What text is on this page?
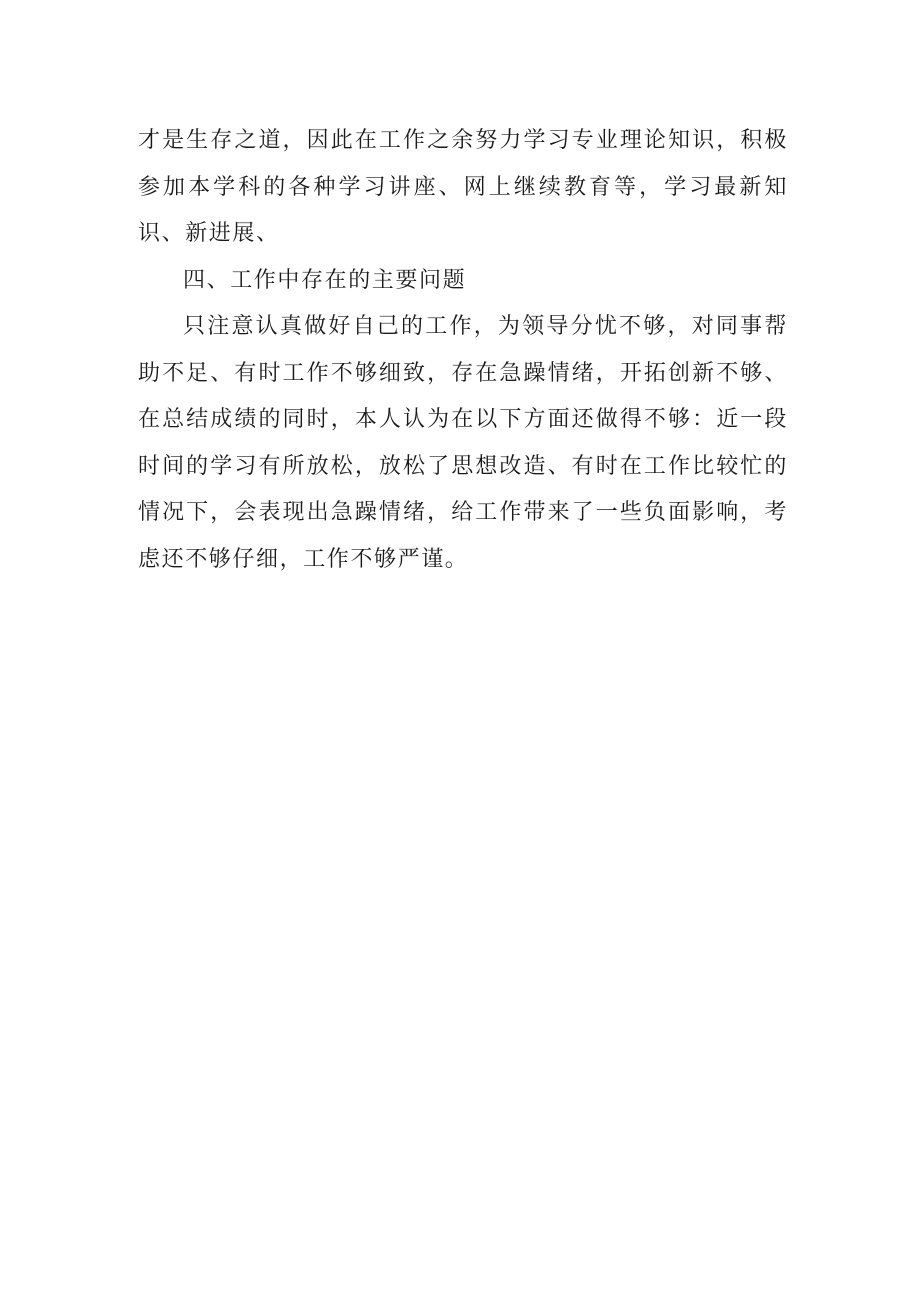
才是生存之道，因此在工作之余努力学习专业理论知识，积极参加本学科的各种学习讲座、网上继续教育等，学习最新知识、新进展、

四、工作中存在的主要问题

只注意认真做好自己的工作，为领导分忧不够，对同事帮助不足、有时工作不够细致，存在急躁情绪，开拓创新不够、在总结成绩的同时，本人认为在以下方面还做得不够：近一段时间的学习有所放松，放松了思想改造、有时在工作比较忙的情况下，会表现出急躁情绪，给工作带来了一些负面影响，考虑还不够仔细，工作不够严谨。
